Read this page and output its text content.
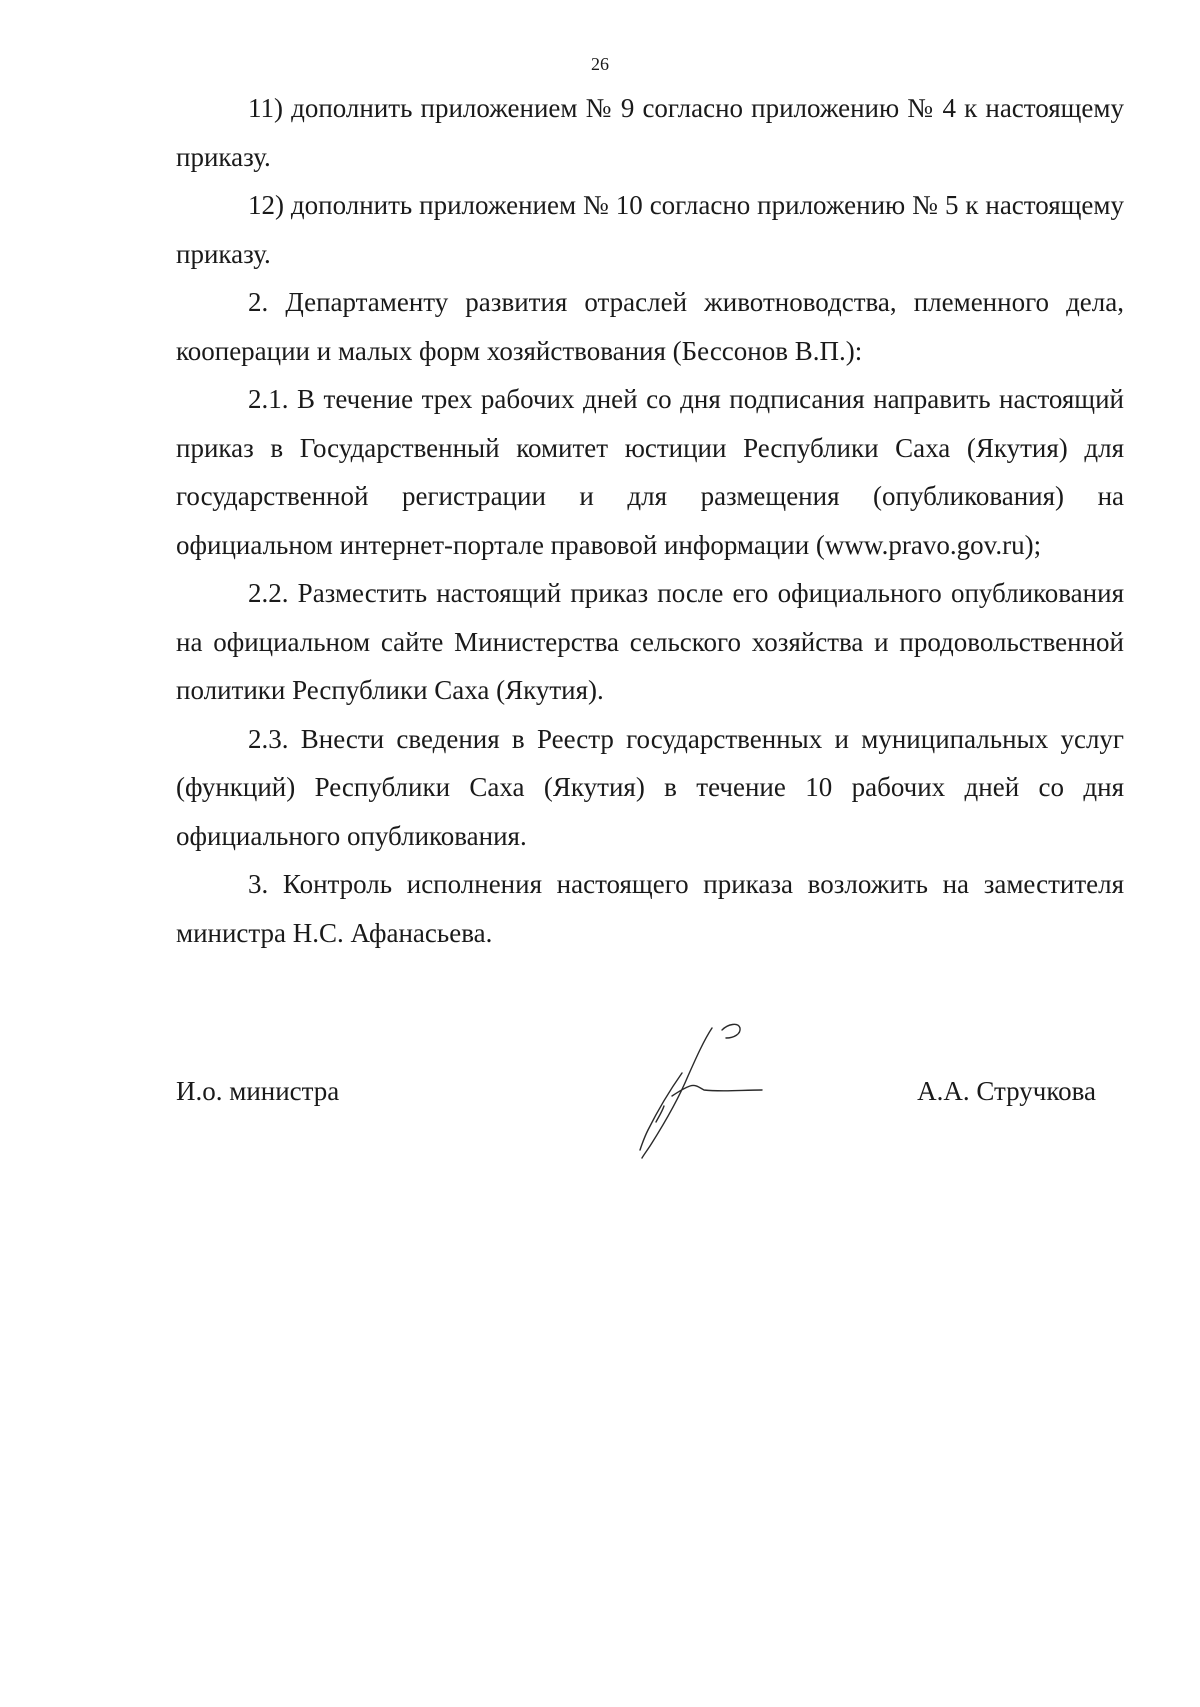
26

11) дополнить приложением № 9 согласно приложению № 4 к настоящему приказу.

12) дополнить приложением № 10 согласно приложению № 5 к настоящему приказу.

2. Департаменту развития отраслей животноводства, племенного дела, кооперации и малых форм хозяйствования (Бессонов В.П.):

2.1. В течение трех рабочих дней со дня подписания направить настоящий приказ в Государственный комитет юстиции Республики Саха (Якутия) для государственной регистрации и для размещения (опубликования) на официальном интернет-портале правовой информации (www.pravo.gov.ru);

2.2. Разместить настоящий приказ после его официального опубликования на официальном сайте Министерства сельского хозяйства и продовольственной политики Республики Саха (Якутия).

2.3. Внести сведения в Реестр государственных и муниципальных услуг (функций) Республики Саха (Якутия) в течение 10 рабочих дней со дня официального опубликования.

3. Контроль исполнения настоящего приказа возложить на заместителя министра Н.С. Афанасьева.

И.о. министра	А.А. Стручкова
